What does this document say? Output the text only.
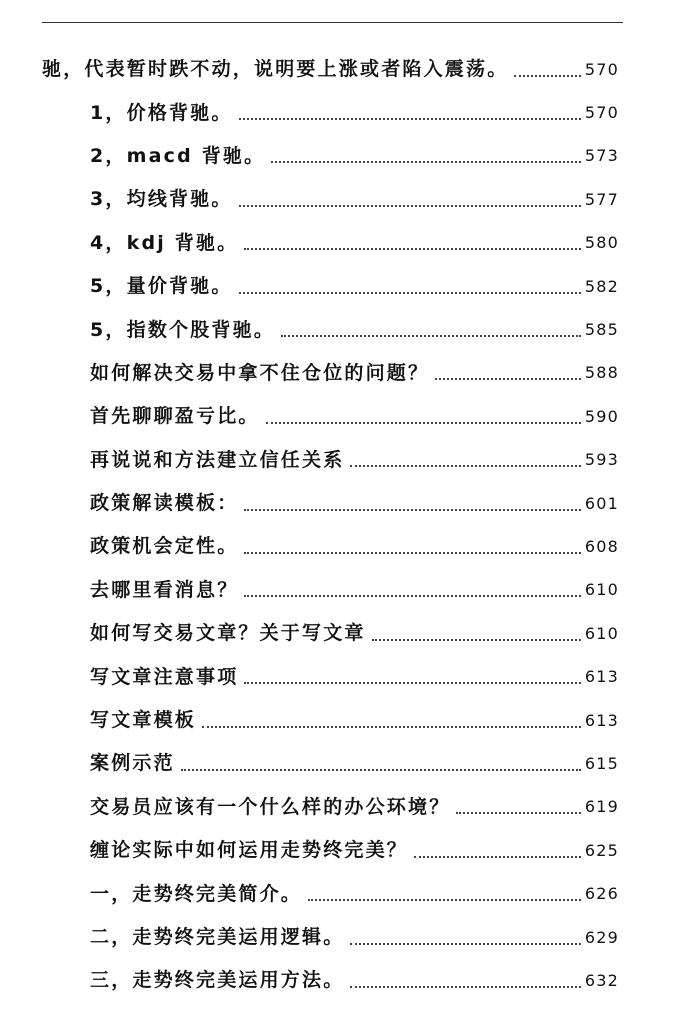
驰，代表暂时跌不动，说明要上涨或者陷入震荡。	570
1，价格背驰。	570
2，macd 背驰。	573
3，均线背驰。	577
4，kdj 背驰。	580
5，量价背驰。	582
5，指数个股背驰。	585
如何解决交易中拿不住仓位的问题？	588
首先聊聊盈亏比。	590
再说说和方法建立信任关系	593
政策解读模板：	601
政策机会定性。	608
去哪里看消息？	610
如何写交易文章？关于写文章	610
写文章注意事项	613
写文章模板	613
案例示范	615
交易员应该有一个什么样的办公环境？	619
缠论实际中如何运用走势终完美？	625
一，走势终完美简介。	626
二，走势终完美运用逻辑。	629
三，走势终完美运用方法。	632
